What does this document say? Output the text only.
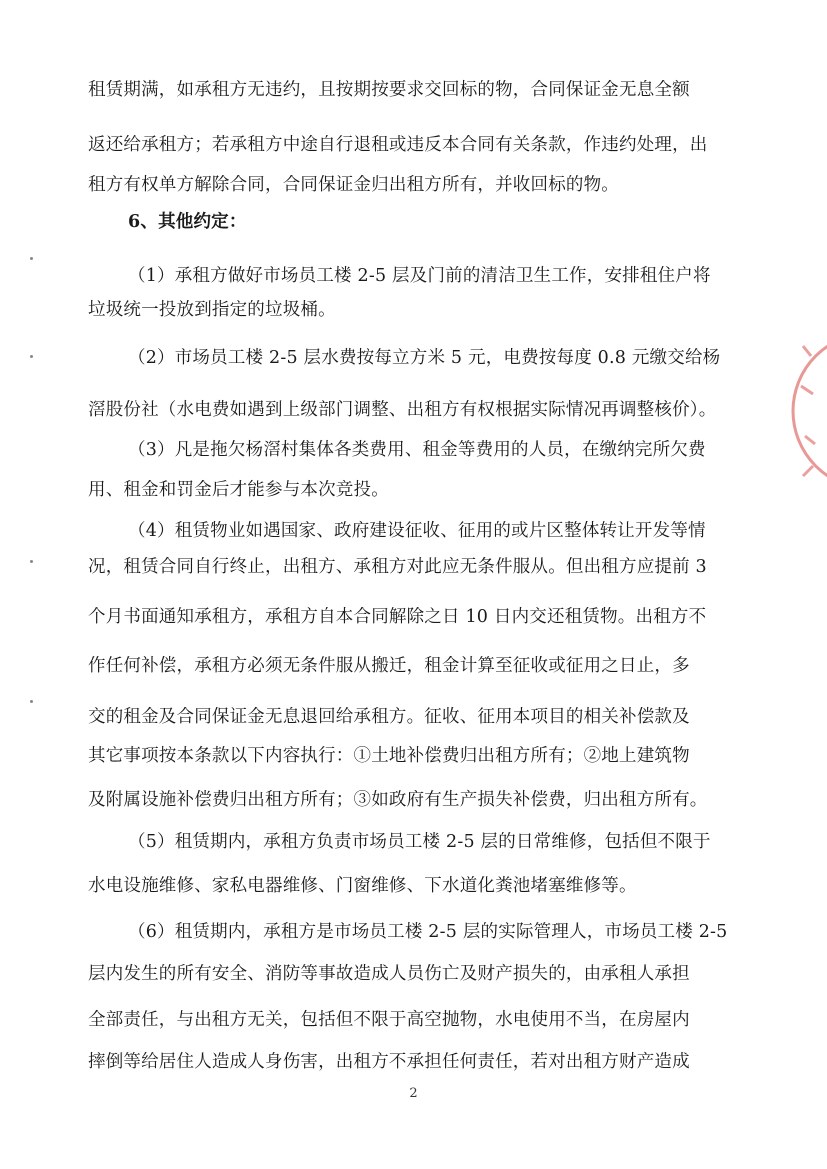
租赁期满，如承租方无违约，且按期按要求交回标的物，合同保证金无息全额
返还给承租方；若承租方中途自行退租或违反本合同有关条款，作违约处理，出
租方有权单方解除合同，合同保证金归出租方所有，并收回标的物。
6、其他约定：
（1）承租方做好市场员工楼 2-5 层及门前的清洁卫生工作，安排租住户将
垃圾统一投放到指定的垃圾桶。
（2）市场员工楼 2-5 层水费按每立方米 5 元，电费按每度 0.8 元缴交给杨
滘股份社（水电费如遇到上级部门调整、出租方有权根据实际情况再调整核价）。
（3）凡是拖欠杨滘村集体各类费用、租金等费用的人员，在缴纳完所欠费
用、租金和罚金后才能参与本次竞投。
（4）租赁物业如遇国家、政府建设征收、征用的或片区整体转让开发等情
况，租赁合同自行终止，出租方、承租方对此应无条件服从。但出租方应提前 3
个月书面通知承租方，承租方自本合同解除之日 10 日内交还租赁物。出租方不
作任何补偿，承租方必须无条件服从搬迁，租金计算至征收或征用之日止，多
交的租金及合同保证金无息退回给承租方。征收、征用本项目的相关补偿款及
其它事项按本条款以下内容执行：①土地补偿费归出租方所有；②地上建筑物
及附属设施补偿费归出租方所有；③如政府有生产损失补偿费，归出租方所有。
（5）租赁期内，承租方负责市场员工楼 2-5 层的日常维修，包括但不限于
水电设施维修、家私电器维修、门窗维修、下水道化粪池堵塞维修等。
（6）租赁期内，承租方是市场员工楼 2-5 层的实际管理人，市场员工楼 2-5
层内发生的所有安全、消防等事故造成人员伤亡及财产损失的，由承租人承担
全部责任，与出租方无关，包括但不限于高空抛物，水电使用不当，在房屋内
摔倒等给居住人造成人身伤害，出租方不承担任何责任，若对出租方财产造成
2
